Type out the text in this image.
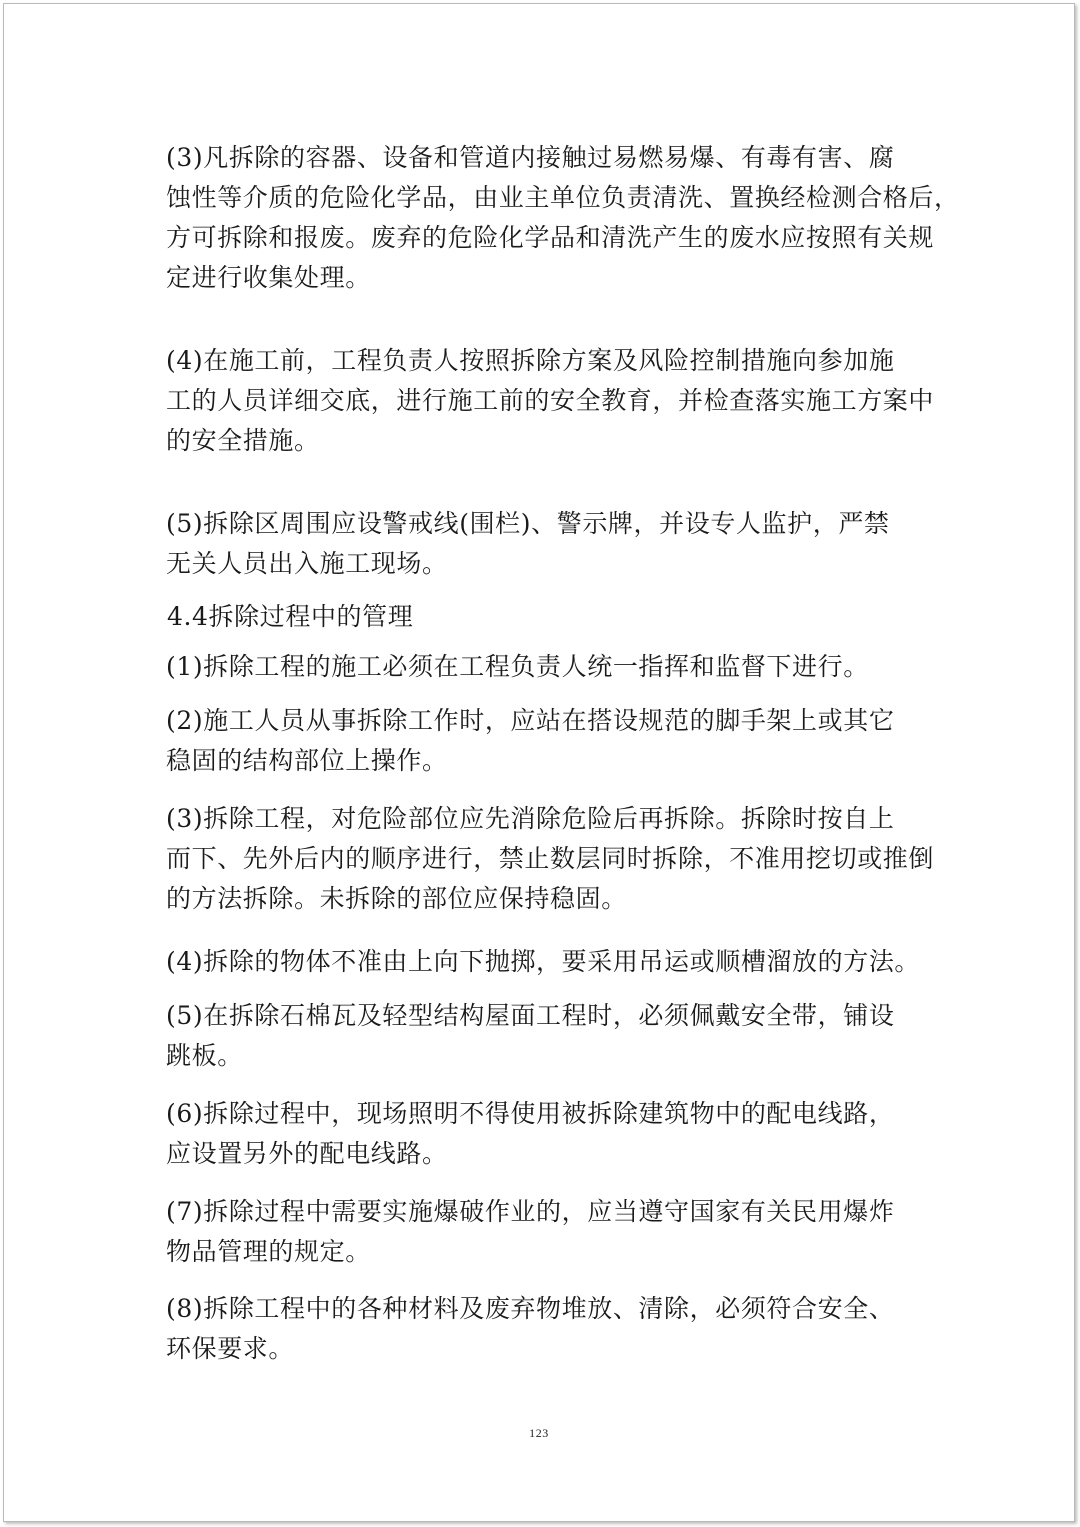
(3)凡拆除的容器、设备和管道内接触过易燃易爆、有毒有害、腐
蚀性等介质的危险化学品，由业主单位负责清洗、置换经检测合格后，
方可拆除和报废。废弃的危险化学品和清洗产生的废水应按照有关规
定进行收集处理。
(4)在施工前，工程负责人按照拆除方案及风险控制措施向参加施
工的人员详细交底，进行施工前的安全教育，并检查落实施工方案中
的安全措施。
(5)拆除区周围应设警戒线(围栏)、警示牌，并设专人监护，严禁
无关人员出入施工现场。
4.4拆除过程中的管理
(1)拆除工程的施工必须在工程负责人统一指挥和监督下进行。
(2)施工人员从事拆除工作时，应站在搭设规范的脚手架上或其它
稳固的结构部位上操作。
(3)拆除工程，对危险部位应先消除危险后再拆除。拆除时按自上
而下、先外后内的顺序进行，禁止数层同时拆除，不准用挖切或推倒
的方法拆除。未拆除的部位应保持稳固。
(4)拆除的物体不准由上向下抛掷，要采用吊运或顺槽溜放的方法。
(5)在拆除石棉瓦及轻型结构屋面工程时，必须佩戴安全带，铺设
跳板。
(6)拆除过程中，现场照明不得使用被拆除建筑物中的配电线路，
应设置另外的配电线路。
(7)拆除过程中需要实施爆破作业的，应当遵守国家有关民用爆炸
物品管理的规定。
(8)拆除工程中的各种材料及废弃物堆放、清除，必须符合安全、
环保要求。
123
